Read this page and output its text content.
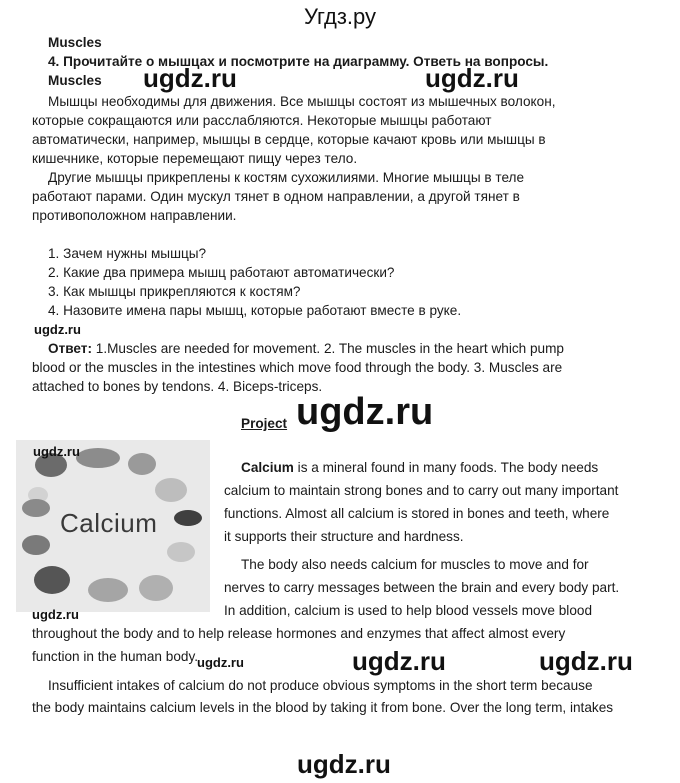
Угдз.ру
Muscles
4. Прочитайте о мышцах и посмотрите на диаграмму. Ответь на вопросы.
Muscles
Мышцы необходимы для движения. Все мышцы состоят из мышечных волокон,
которые сокращаются или расслабляются. Некоторые мышцы работают
автоматически, например, мышцы в сердце, которые качают кровь или мышцы в
кишечнике, которые перемещают пищу через тело.
Другие мышцы прикреплены к костям сухожилиями. Многие мышцы в теле
работают парами. Один мускул тянет в одном направлении, а другой тянет в
противоположном направлении.
1. Зачем нужны мышцы?
2. Какие два примера мышц работают автоматически?
3. Как мышцы прикрепляются к костям?
4. Назовите имена пары мышц, которые работают вместе в руке.
Ответ: 1.Muscles are needed for movement. 2. The muscles in the heart which pump
blood or the muscles in the intestines which move food through the body. 3. Muscles are
attached to bones by tendons. 4. Biceps-triceps.
Project
Calcium
Calcium is a mineral found in many foods. The body needs
calcium to maintain strong bones and to carry out many important
functions. Almost all calcium is stored in bones and teeth, where
it supports their structure and hardness.
The body also needs calcium for muscles to move and for
nerves to carry messages between the brain and every body part.
In addition, calcium is used to help blood vessels move blood
throughout the body and to help release hormones and enzymes that affect almost every
function in the human body.
Insufficient intakes of calcium do not produce obvious symptoms in the short term because
the body maintains calcium levels in the blood by taking it from bone. Over the long term, intakes
ugdz.ru	ugdz.ru
ugdz.ru
ugdz.ru
ugdz.ru
ugdz.ru
ugdz.ru	ugdz.ru	ugdz.ru
ugdz.ru
